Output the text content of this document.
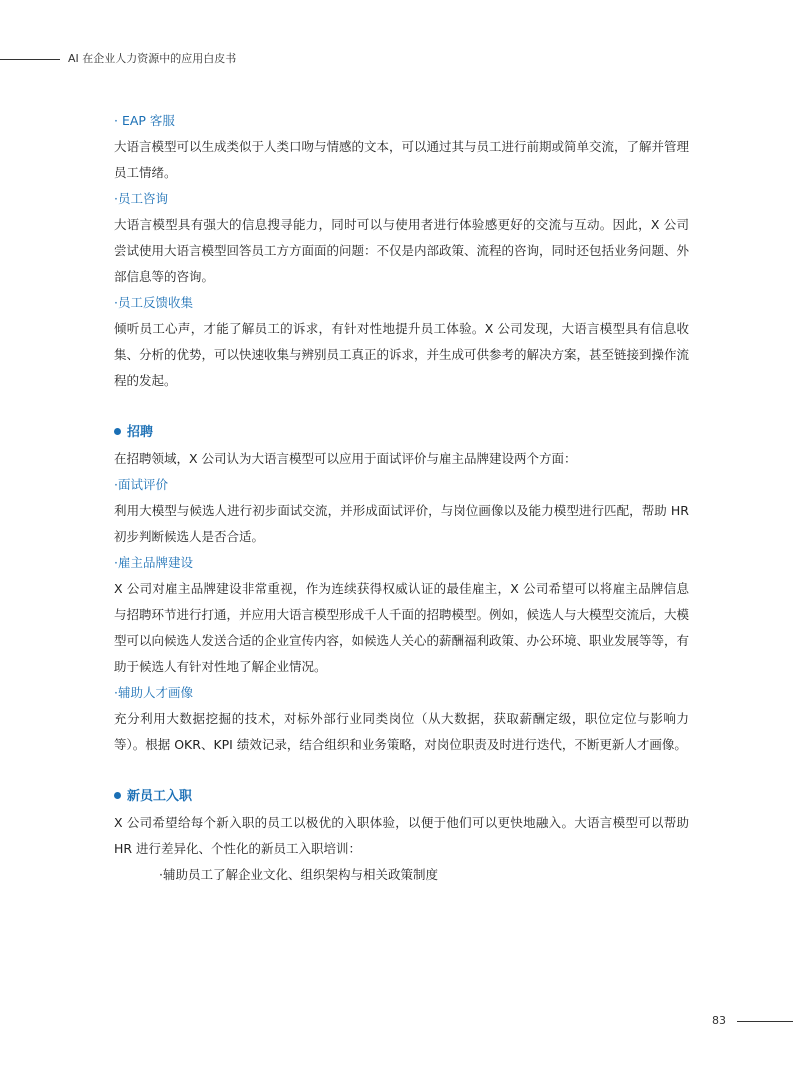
AI 在企业人力资源中的应用白皮书
· EAP 客服

大语言模型可以生成类似于人类口吻与情感的文本，可以通过其与员工进行前期或简单交流，了解并管理员工情绪。

·员工咨询

大语言模型具有强大的信息搜寻能力，同时可以与使用者进行体验感更好的交流与互动。因此，X 公司尝试使用大语言模型回答员工方方面面的问题：不仅是内部政策、流程的咨询，同时还包括业务问题、外部信息等的咨询。

·员工反馈收集

倾听员工心声，才能了解员工的诉求，有针对性地提升员工体验。X 公司发现，大语言模型具有信息收集、分析的优势，可以快速收集与辨别员工真正的诉求，并生成可供参考的解决方案，甚至链接到操作流程的发起。

招聘

在招聘领域，X 公司认为大语言模型可以应用于面试评价与雇主品牌建设两个方面：

·面试评价

利用大模型与候选人进行初步面试交流，并形成面试评价，与岗位画像以及能力模型进行匹配，帮助 HR 初步判断候选人是否合适。

·雇主品牌建设

X 公司对雇主品牌建设非常重视，作为连续获得权威认证的最佳雇主，X 公司希望可以将雇主品牌信息与招聘环节进行打通，并应用大语言模型形成千人千面的招聘模型。例如，候选人与大模型交流后，大模型可以向候选人发送合适的企业宣传内容，如候选人关心的薪酬福利政策、办公环境、职业发展等等，有助于候选人有针对性地了解企业情况。

·辅助人才画像

充分利用大数据挖掘的技术，对标外部行业同类岗位（从大数据，获取薪酬定级，职位定位与影响力等）。根据 OKR、KPI 绩效记录，结合组织和业务策略，对岗位职责及时进行迭代，不断更新人才画像。

新员工入职

X 公司希望给每个新入职的员工以极优的入职体验，以便于他们可以更快地融入。大语言模型可以帮助 HR 进行差异化、个性化的新员工入职培训：

·辅助员工了解企业文化、组织架构与相关政策制度
83
